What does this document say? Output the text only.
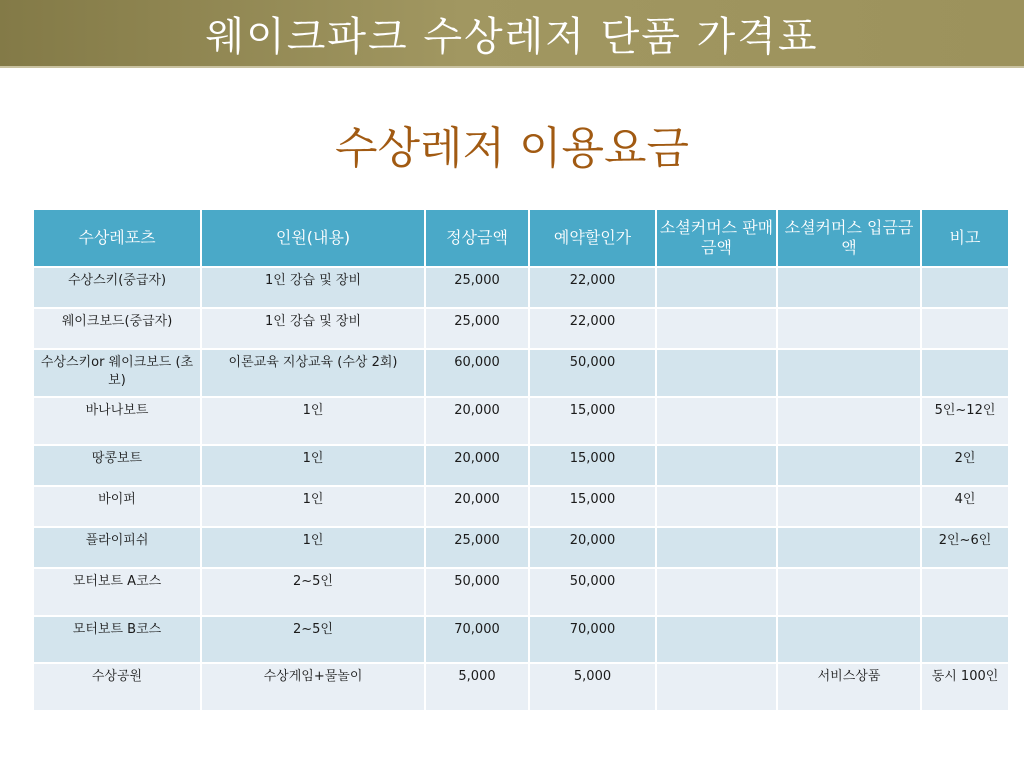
웨이크파크 수상레저 단품 가격표
수상레저 이용요금
수상레포츠	인원(내용)	정상금액	예약할인가	소셜커머스 판매금액	소셜커머스 입금금액	비고
수상스키(중급자)	1인 강습 및 장비	25,000	22,000			
웨이크보드(중급자)	1인 강습 및 장비	25,000	22,000			
수상스키or 웨이크보드 (초보)	이론교육 지상교육 (수상 2회)	60,000	50,000			
바나나보트	1인	20,000	15,000			5인~12인
땅콩보트	1인	20,000	15,000			2인
바이퍼	1인	20,000	15,000			4인
플라이피쉬	1인	25,000	20,000			2인~6인
모터보트 A코스	2~5인	50,000	50,000			
모터보트 B코스	2~5인	70,000	70,000			
수상공원	수상게임+물놀이	5,000	5,000		서비스상품	동시 100인
